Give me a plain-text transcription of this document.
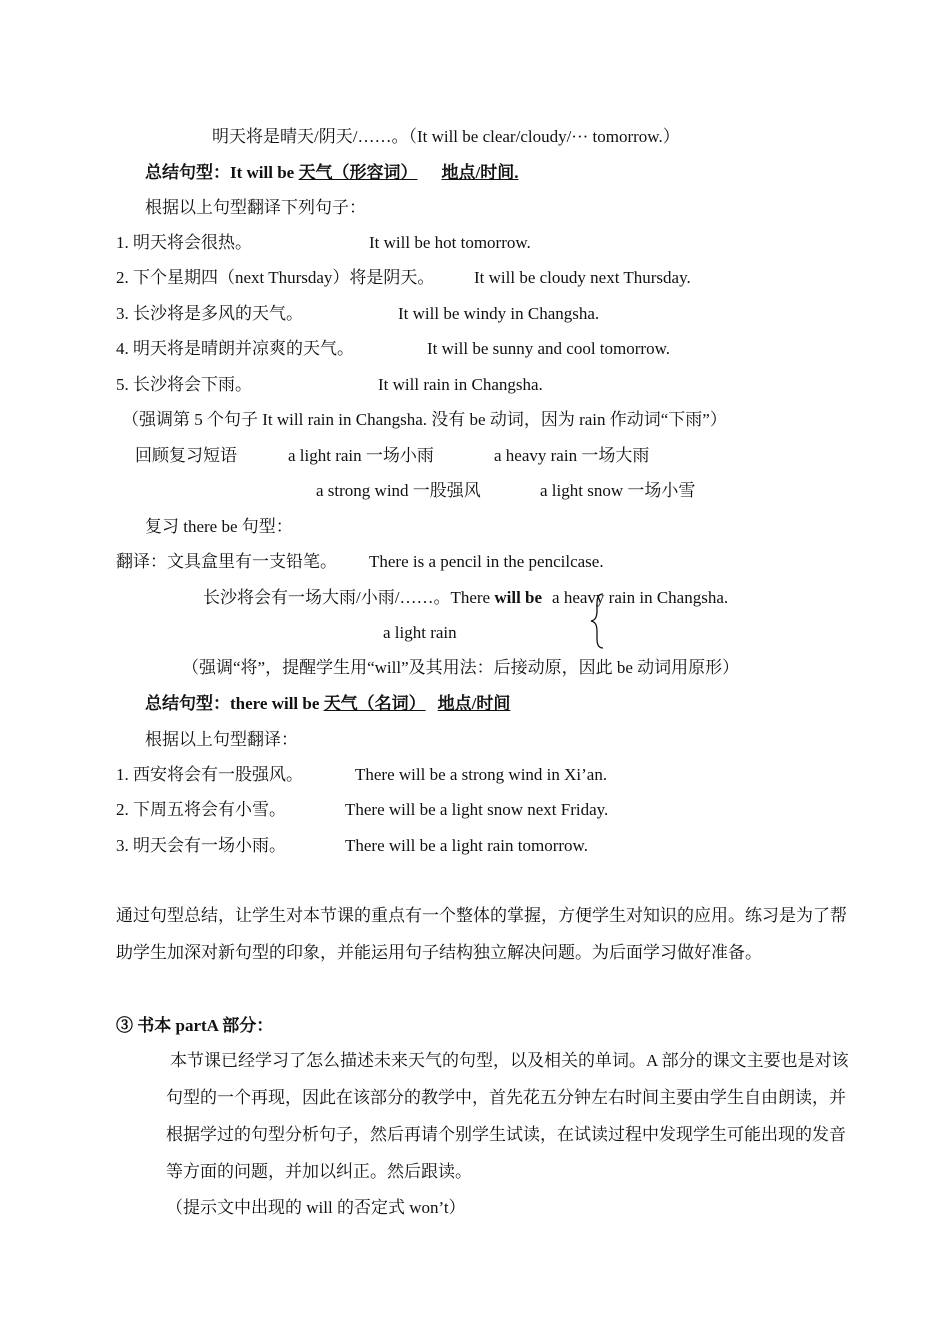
明天将是晴天/阴天/……。（It will be clear/cloudy/··· tomorrow.）
总结句型：It will be 天气（形容词） 地点/时间.
根据以上句型翻译下列句子：
1. 明天将会很热。	It will be hot tomorrow.
2. 下个星期四（next Thursday）将是阴天。 It will be cloudy next Thursday.
3. 长沙将是多风的天气。	It will be windy in Changsha.
4. 明天将是晴朗并凉爽的天气。	It will be sunny and cool tomorrow.
5. 长沙将会下雨。	It will rain in Changsha.
（强调第 5 个句子 It will rain in Changsha. 没有 be 动词，因为 rain 作动词“下雨”）
回顾复习短语	a light rain 一场小雨	a heavy rain 一场大雨
a strong wind 一股强风	a light snow 一场小雪
复习 there be 句型：
翻译：文具盒里有一支铅笔。 There is a pencil in the pencilcase.
长沙将会有一场大雨/小雨/……。There will be a heavy rain in Changsha.
a light rain
（强调“将”，提醒学生用“will”及其用法：后接动原，因此 be 动词用原形）
总结句型：there will be 天气（名词） 地点/时间
根据以上句型翻译：
1. 西安将会有一股强风。	There will be a strong wind in Xi’an.
2. 下周五将会有小雪。	There will be a light snow next Friday.
3. 明天会有一场小雨。	There will be a light rain tomorrow.
通过句型总结，让学生对本节课的重点有一个整体的掌握，方便学生对知识的应用。练习是为了帮助学生加深对新句型的印象，并能运用句子结构独立解决问题。为后面学习做好准备。
③ 书本 partA 部分：
本节课已经学习了怎么描述未来天气的句型，以及相关的单词。A 部分的课文主要也是对该句型的一个再现，因此在该部分的教学中，首先花五分钟左右时间主要由学生自由朗读，并根据学过的句型分析句子，然后再请个别学生试读，在试读过程中发现学生可能出现的发音等方面的问题，并加以纠正。然后跟读。
（提示文中出现的 will 的否定式 won’t）
